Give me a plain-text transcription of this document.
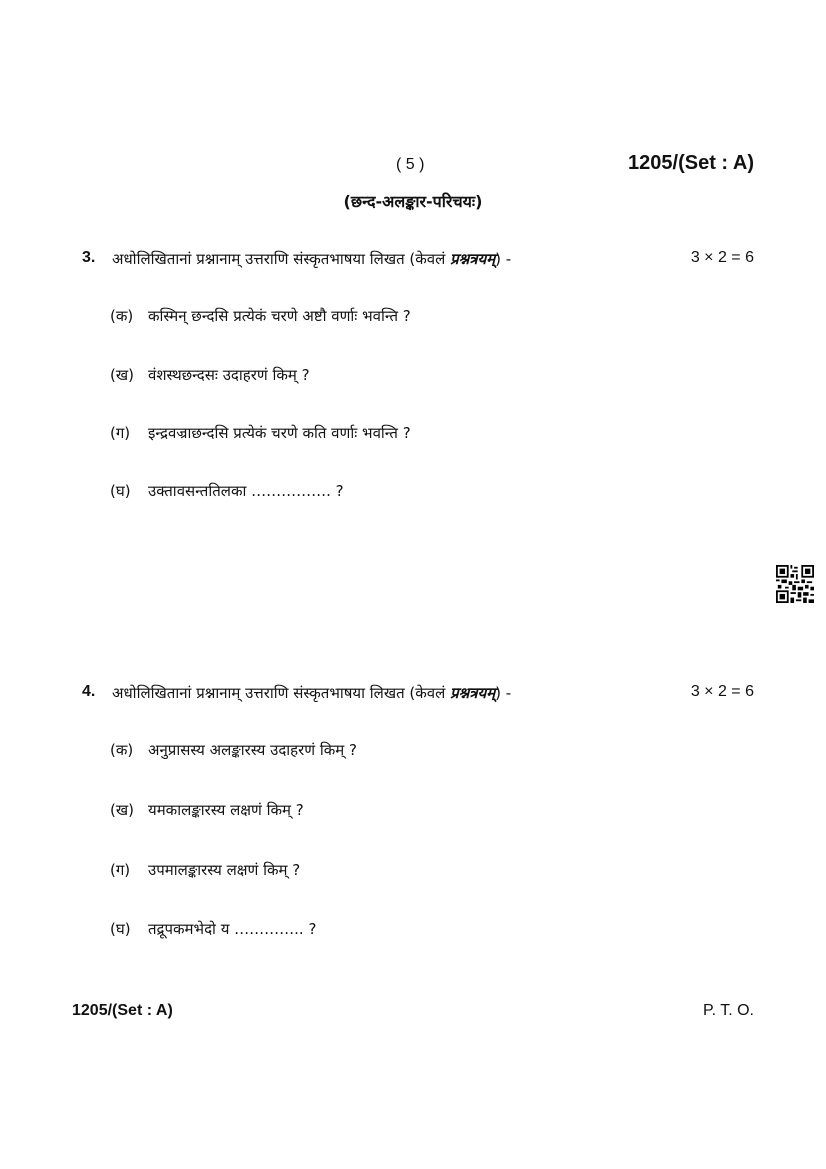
( 5 )	1205/(Set : A)
(छन्द-अलङ्कार-परिचयः)
3. अधोलिखितानां प्रश्नानाम् उत्तराणि संस्कृतभाषया लिखत (केवलं प्रश्नत्रयम्) -	3 × 2 = 6
(क) कस्मिन् छन्दसि प्रत्येकं चरणे अष्टौ वर्णाः भवन्ति ?
(ख) वंशस्थछन्दसः उदाहरणं किम् ?
(ग) इन्द्रवज्राछन्दसि प्रत्येकं चरणे कति वर्णाः भवन्ति ?
(घ) उक्तावसन्ततिलका ……………. ?
4. अधोलिखितानां प्रश्नानाम् उत्तराणि संस्कृतभाषया लिखत (केवलं प्रश्नत्रयम्) -	3 × 2 = 6
(क) अनुप्रासस्य अलङ्कारस्य उदाहरणं किम् ?
(ख) यमकालङ्कारस्य लक्षणं किम् ?
(ग) उपमालङ्कारस्य लक्षणं किम् ?
(घ) तद्रूपकमभेदो य ………….. ?
1205/(Set : A)	P. T. O.
